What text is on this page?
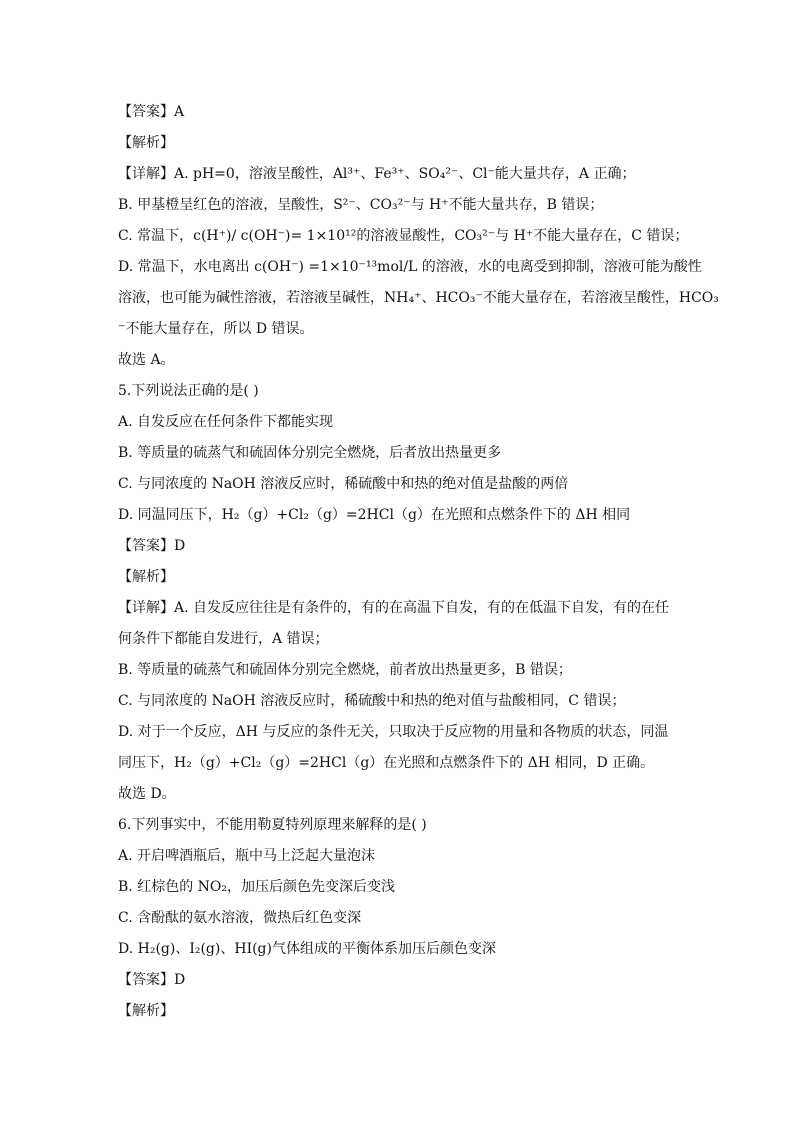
【答案】A
【解析】
【详解】A. pH=0，溶液呈酸性，Al³⁺、Fe³⁺、SO₄²⁻、Cl⁻能大量共存，A 正确；
B. 甲基橙呈红色的溶液，呈酸性，S²⁻、CO₃²⁻与 H⁺不能大量共存，B 错误；
C. 常温下，c(H⁺)/ c(OH⁻)= 1×10¹²的溶液显酸性，CO₃²⁻与 H⁺不能大量存在，C 错误；
D. 常温下，水电离出 c(OH⁻) =1×10⁻¹³mol/L 的溶液，水的电离受到抑制，溶液可能为酸性
溶液，也可能为碱性溶液，若溶液呈碱性，NH₄⁺、HCO₃⁻不能大量存在，若溶液呈酸性，HCO₃
⁻不能大量存在，所以 D 错误。
故选 A。
5.下列说法正确的是( )
A. 自发反应在任何条件下都能实现
B. 等质量的硫蒸气和硫固体分别完全燃烧，后者放出热量更多
C. 与同浓度的 NaOH 溶液反应时，稀硫酸中和热的绝对值是盐酸的两倍
D. 同温同压下，H₂（g）+Cl₂（g）=2HCl（g）在光照和点燃条件下的 ΔH 相同
【答案】D
【解析】
【详解】A. 自发反应往往是有条件的，有的在高温下自发，有的在低温下自发，有的在任
何条件下都能自发进行，A 错误；
B. 等质量的硫蒸气和硫固体分别完全燃烧，前者放出热量更多，B 错误；
C. 与同浓度的 NaOH 溶液反应时，稀硫酸中和热的绝对值与盐酸相同，C 错误；
D. 对于一个反应，ΔH 与反应的条件无关，只取决于反应物的用量和各物质的状态，同温
同压下，H₂（g）+Cl₂（g）=2HCl（g）在光照和点燃条件下的 ΔH 相同，D 正确。
故选 D。
6.下列事实中，不能用勒夏特列原理来解释的是( )
A. 开启啤酒瓶后，瓶中马上泛起大量泡沫
B. 红棕色的 NO₂，加压后颜色先变深后变浅
C. 含酚酞的氨水溶液，微热后红色变深
D. H₂(g)、I₂(g)、HI(g)气体组成的平衡体系加压后颜色变深
【答案】D
【解析】
